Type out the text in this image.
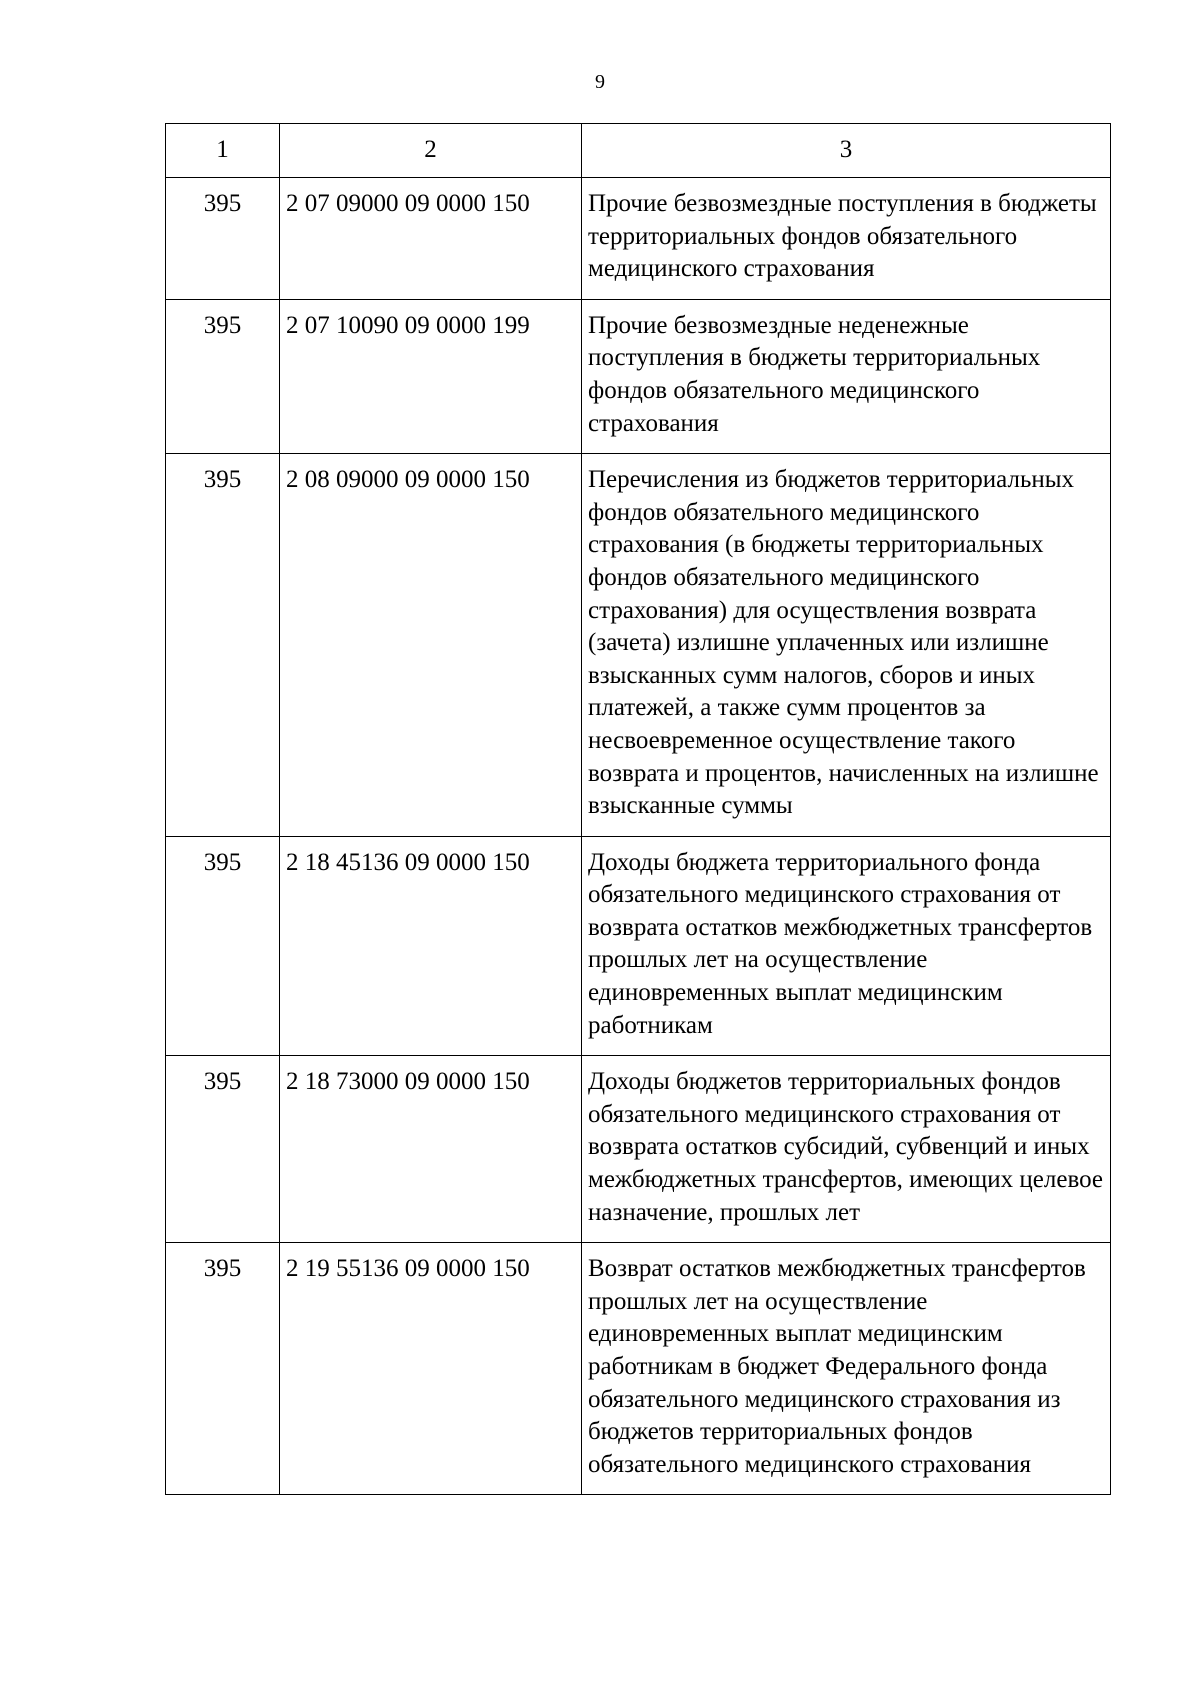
9
1	2	3
395	2 07 09000 09 0000 150	Прочие безвозмездные поступления в бюджеты территориальных фондов обязательного медицинского страхования
395	2 07 10090 09 0000 199	Прочие безвозмездные неденежные поступления в бюджеты территориальных фондов обязательного медицинского страхования
395	2 08 09000 09 0000 150	Перечисления из бюджетов территориальных фондов обязательного медицинского страхования (в бюджеты территориальных фондов обязательного медицинского страхования) для осуществления возврата (зачета) излишне уплаченных или излишне взысканных сумм налогов, сборов и иных платежей, а также сумм процентов за несвоевременное осуществление такого возврата и процентов, начисленных на излишне взысканные суммы
395	2 18 45136 09 0000 150	Доходы бюджета территориального фонда обязательного медицинского страхования от возврата остатков межбюджетных трансфертов прошлых лет на осуществление единовременных выплат медицинским работникам
395	2 18 73000 09 0000 150	Доходы бюджетов территориальных фондов обязательного медицинского страхования от возврата остатков субсидий, субвенций и иных межбюджетных трансфертов, имеющих целевое назначение, прошлых лет
395	2 19 55136 09 0000 150	Возврат остатков межбюджетных трансфертов прошлых лет на осуществление единовременных выплат медицинским работникам в бюджет Федерального фонда обязательного медицинского страхования из бюджетов территориальных фондов обязательного медицинского страхования
